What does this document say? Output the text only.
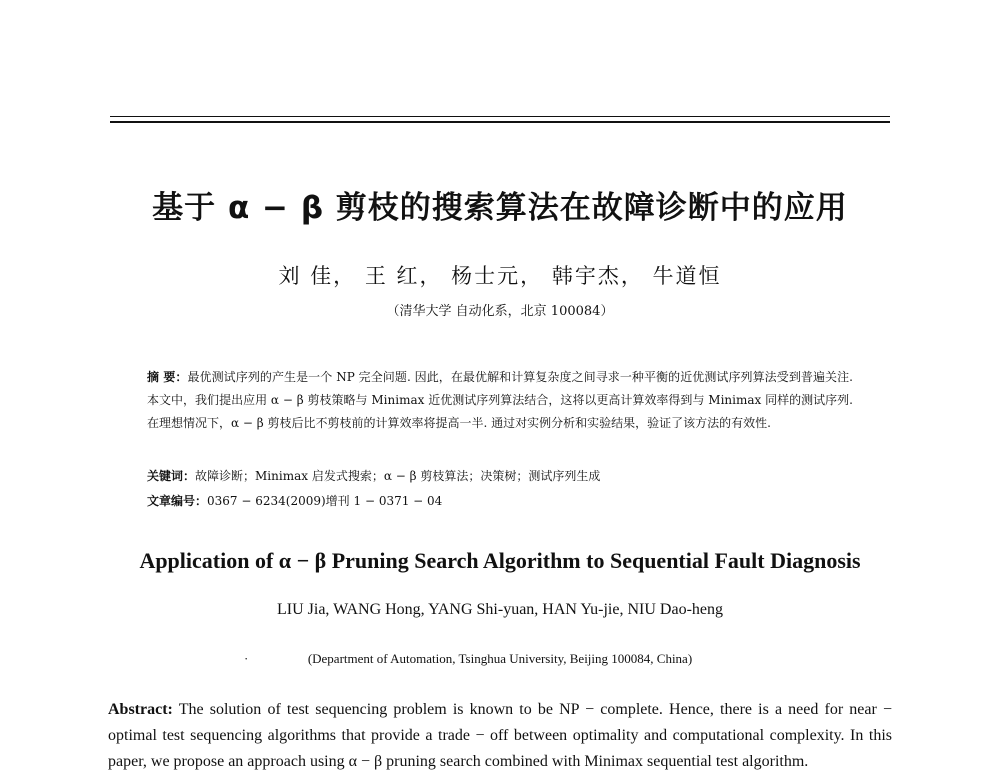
基于 α − β 剪枝的搜索算法在故障诊断中的应用
刘 佳， 王 红， 杨士元， 韩宇杰， 牛道恒
（清华大学 自动化系，北京 100084）
摘 要：最优测试序列的产生是一个 NP 完全问题. 因此，在最优解和计算复杂度之间寻求一种平衡的近优测试序列算法受到普遍关注. 本文中，我们提出应用 α − β 剪枝策略与 Minimax 近优测试序列算法结合，这将以更高计算效率得到与 Minimax 同样的测试序列. 在理想情况下，α − β 剪枝后比不剪枝前的计算效率将提高一半. 通过对实例分析和实验结果，验证了该方法的有效性.
关键词：故障诊断；Minimax 启发式搜索；α − β 剪枝算法；决策树；测试序列生成
文章编号：0367 − 6234(2009)增刊 1 − 0371 − 04
Application of α − β Pruning Search Algorithm to Sequential Fault Diagnosis
LIU Jia, WANG Hong, YANG Shi-yuan, HAN Yu-jie, NIU Dao-heng
·	(Department of Automation, Tsinghua University, Beijing 100084, China)
Abstract: The solution of test sequencing problem is known to be NP − complete. Hence, there is a need for near − optimal test sequencing algorithms that provide a trade − off between optimality and computational complexity. In this paper, we propose an approach using α − β pruning search combined with Minimax sequential test algorithm.
